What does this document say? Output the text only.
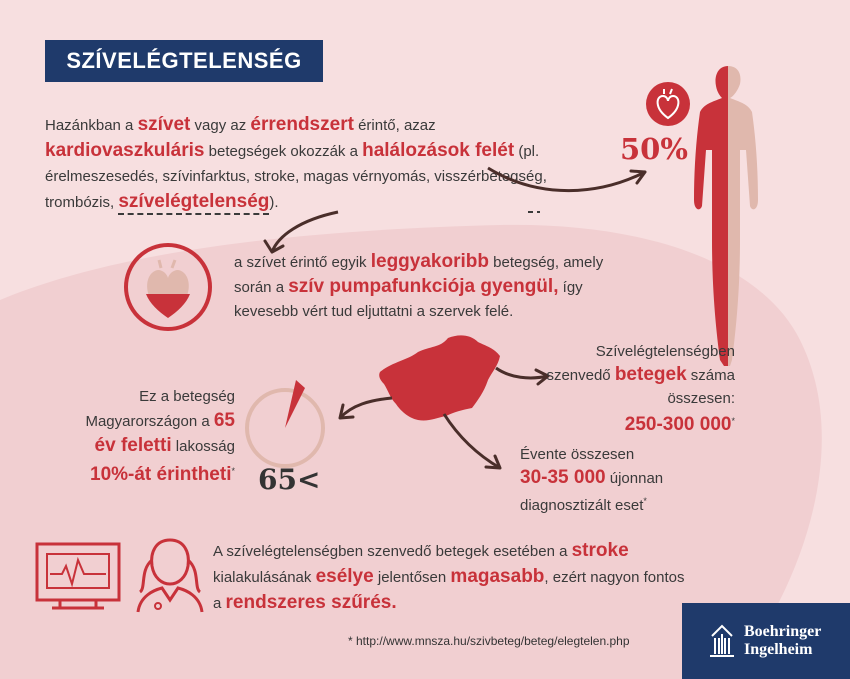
SZÍVELÉGTELENSÉG
Hazánkban a szívet vagy az érrendszert érintő, azaz kardiovaszkuláris betegségek okozzák a halálozások felét (pl. érelmeszesedés, szívinfarktus, stroke, magas vérnyomás, visszérbetegség, trombózis, szívelégtelenség).
50%
a szívet érintő egyik leggyakoribb betegség, amely során a szív pumpafunkciója gyengül, így kevesebb vért tud eljuttatni a szervek felé.
Ez a betegség Magyarországon a 65 év feletti lakosság 10%-át érintheti* 65<
Szívelégtelenségben szenvedő betegek száma összesen:
250-300 000*
Évente összesen
30-35 000 újonnan diagnosztizált eset*
A szívelégtelenségben szenvedő betegek esetében a stroke kialakulásának esélye jelentősen magasabb, ezért nagyon fontos a rendszeres szűrés.
* http://www.mnsza.hu/szivbeteg/beteg/elegtelen.php
Boehringer
Ingelheim
